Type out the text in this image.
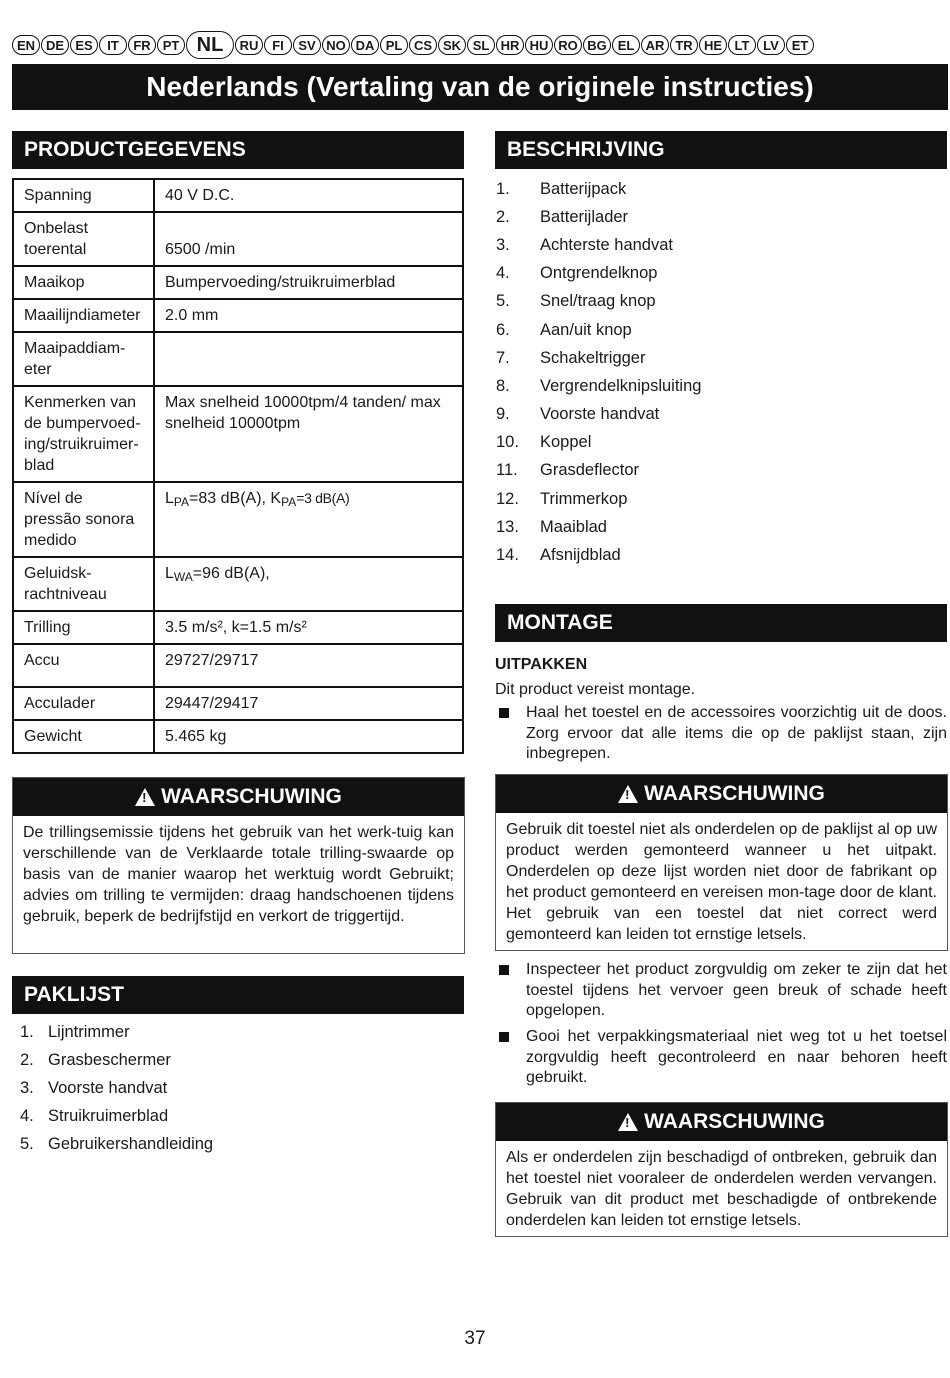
EN DE ES	IT	FR PT NL	RU	FI	SV NO DA PL CS SK SL HR HU RO BG EL AR TR HE LT	LV ET
Nederlands (Vertaling van de originele instructies)
PRODUCTGEGEVENS
Spanning	40 V D.C.
Onbelast toerental	6500 /min
Maaikop	Bumpervoeding/struikruimerblad
Maailijndiameter	2.0 mm
Maaipaddiam-eter	
Kenmerken van de bumpervoed-ing/struikruimer-blad	Max snelheid 10000tpm/4 tanden/ max snelheid 10000tpm
Nível de pressão sonora medido	$L_{PA}=83$ dB(A), $K_{PA}=3$ dB(A)
Geluidsk-rachtniveau	$L_{WA}=96$ dB(A),
Trilling	3.5 m/s², k=1.5 m/s²
Accu	29727/29717
Acculader	29447/29417
Gewicht	5.465 kg
!
WAARSCHUWING
De trillingsemissie tijdens het gebruik van het werk-tuig kan verschillende van de Verklaarde totale trilling-swaarde op basis van de manier waarop het werktuig wordt Gebruikt; advies om trilling te vermijden: draag handschoenen tijdens gebruik, beperk de bedrijfstijd en verkort de triggertijd.
PAKLIJST
1. Lijntrimmer
2. Grasbeschermer
3. Voorste handvat
4. Struikruimerblad
5. Gebruikershandleiding
BESCHRIJVING
1.	Batterijpack
2.	Batterijlader
3.	Achterste handvat
4.	Ontgrendelknop
5.	Snel/traag knop
6.	Aan/uit knop
7.	Schakeltrigger
8.	Vergrendelknipsluiting
9.	Voorste handvat
10.	Koppel
11.	Grasdeflector
12.	Trimmerkop
13.	Maaiblad
14.	Afsnijdblad
MONTAGE
UITPAKKEN
Dit product vereist montage.
Haal het toestel en de accessoires voorzichtig uit de doos. Zorg ervoor dat alle items die op de paklijst staan, zijn inbegrepen.
!
WAARSCHUWING
Gebruik dit toestel niet als onderdelen op de paklijst al op uw product werden gemonteerd wanneer u het uitpakt. Onderdelen op deze lijst worden niet door de fabrikant op het product gemonteerd en vereisen mon-tage door de klant. Het gebruik van een toestel dat niet correct werd gemonteerd kan leiden tot ernstige letsels.
Inspecteer het product zorgvuldig om zeker te zijn dat het toestel tijdens het vervoer geen breuk of schade heeft opgelopen.
Gooi het verpakkingsmateriaal niet weg tot u het toetsel zorgvuldig heeft gecontroleerd en naar behoren heeft gebruikt.
!
WAARSCHUWING
Als er onderdelen zijn beschadigd of ontbreken, gebruik dan het toestel niet vooraleer de onderdelen werden vervangen. Gebruik van dit product met beschadigde of ontbrekende onderdelen kan leiden tot ernstige letsels.
37
